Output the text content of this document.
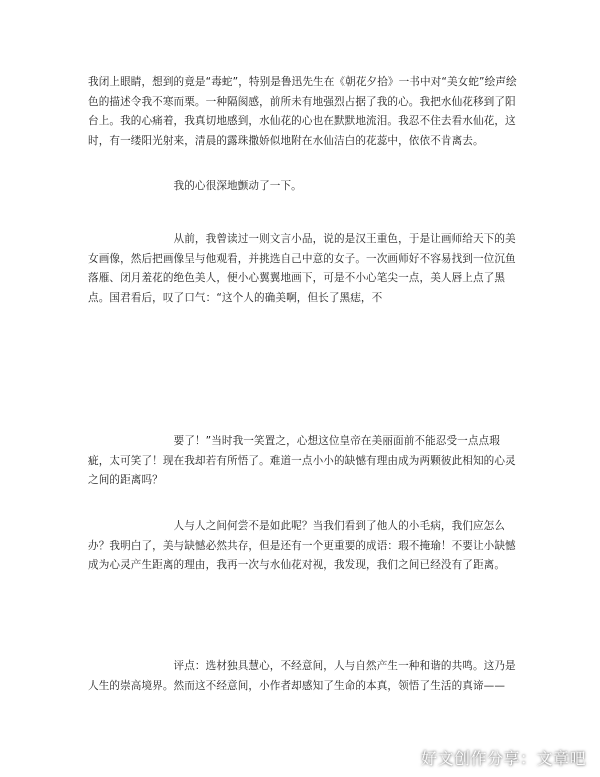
我闭上眼睛，想到的竟是“毒蛇”，特别是鲁迅先生在《朝花夕拾》一书中对“美女蛇”绘声绘色的描述令我不寒而栗。一种隔阂感，前所未有地强烈占据了我的心。我把水仙花移到了阳台上。我的心痛着，我真切地感到，水仙花的心也在默默地流泪。我忍不住去看水仙花，这时，有一缕阳光射来，清晨的露珠撒娇似地附在水仙洁白的花蕊中，依依不肯离去。

　　　　　　　　我的心很深地颤动了一下。

　　　　　　　　从前，我曾读过一则文言小品，说的是汉王重色，于是让画师给天下的美女画像，然后把画像呈与他观看，并挑选自己中意的女子。一次画师好不容易找到一位沉鱼落雁、闭月羞花的绝色美人，便小心翼翼地画下，可是不小心笔尖一点，美人唇上点了黑点。国君看后，叹了口气：“这个人的确美啊，但长了黑痣，不

　　　　　　　　要了！”当时我一笑置之，心想这位皇帝在美丽面前不能忍受一点点瑕疵，太可笑了！现在我却若有所悟了。难道一点小小的缺憾有理由成为两颗彼此相知的心灵之间的距离吗？

　　　　　　　　人与人之间何尝不是如此呢？当我们看到了他人的小毛病，我们应怎么办？我明白了，美与缺憾必然共存，但是还有一个更重要的成语：瑕不掩瑜！不要让小缺憾成为心灵产生距离的理由，我再一次与水仙花对视，我发现，我们之间已经没有了距离。

　　　　　　　　评点：选材独具慧心，不经意间，人与自然产生一种和谐的共鸣。这乃是人生的崇高境界。然而这不经意间，小作者却感知了生命的本真，领悟了生活的真谛——

好文创作分享：文章吧
